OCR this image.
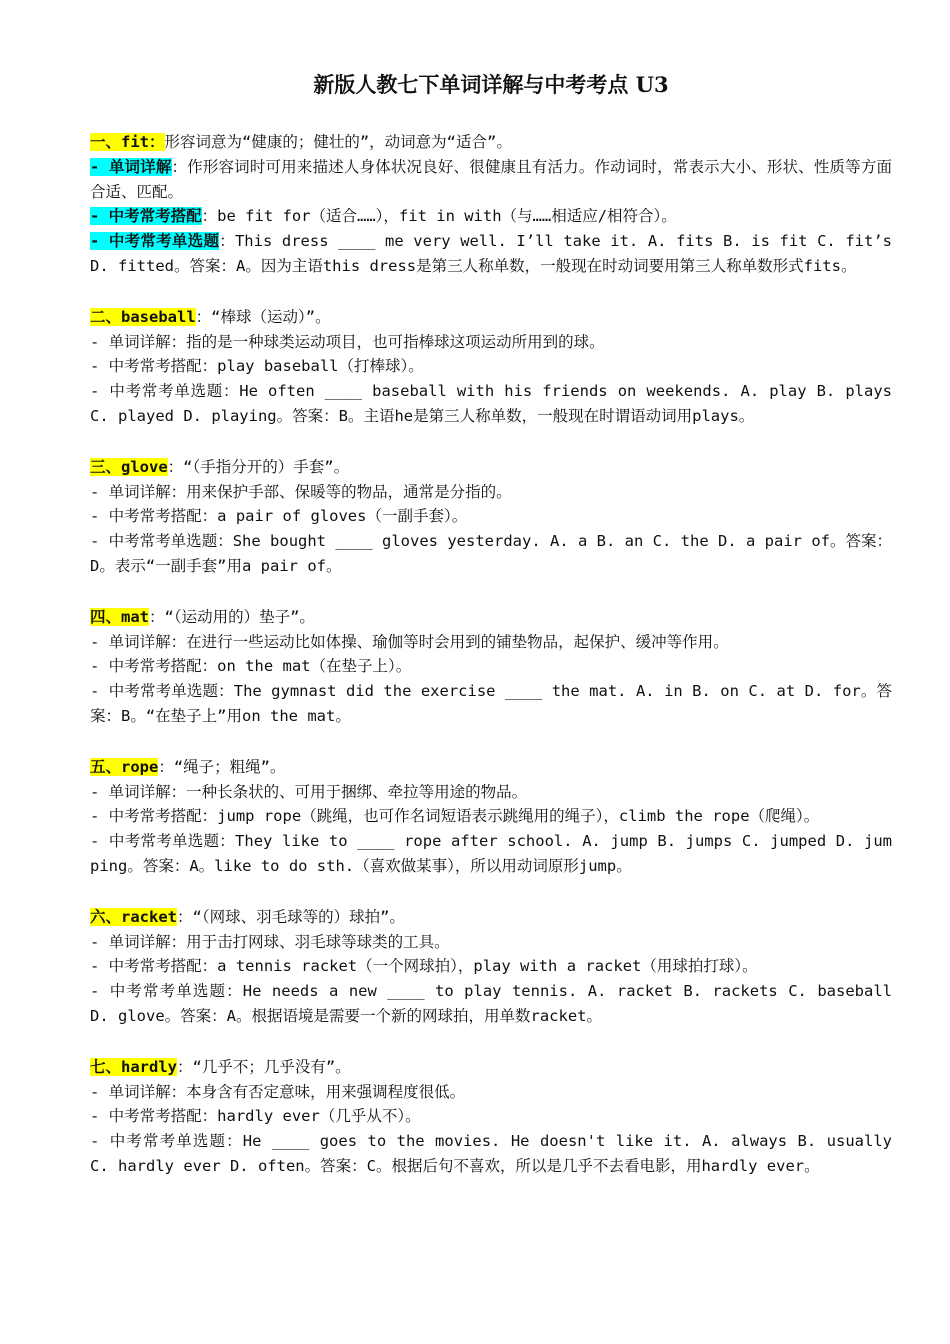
新版人教七下单词详解与中考考点 U3

一、fit：形容词意为“健康的；健壮的”，动词意为“适合”。

- 单词详解：作形容词时可用来描述人身体状况良好、很健康且有活力。作动词时，常表示大小、形状、性质等方面合适、匹配。

- 中考常考搭配：be fit for（适合……），fit in with（与……相适应/相符合）。

- 中考常考单选题：This dress ____ me very well. I’ll take it. A. fits B. is fit C. fit’s D. fitted。答案：A。因为主语this dress是第三人称单数，一般现在时动词要用第三人称单数形式fits。

二、baseball：“棒球（运动）”。

- 单词详解：指的是一种球类运动项目，也可指棒球这项运动所用到的球。

- 中考常考搭配：play baseball（打棒球）。

- 中考常考单选题：He often ____ baseball with his friends on weekends. A. play B. plays C. played D. playing。答案：B。主语he是第三人称单数，一般现在时谓语动词用plays。

三、glove：“（手指分开的）手套”。

- 单词详解：用来保护手部、保暖等的物品，通常是分指的。

- 中考常考搭配：a pair of gloves（一副手套）。

- 中考常考单选题：She bought ____ gloves yesterday. A. a B. an C. the D. a pair of。答案：D。表示“一副手套”用a pair of。

四、mat：“（运动用的）垫子”。

- 单词详解：在进行一些运动比如体操、瑜伽等时会用到的铺垫物品，起保护、缓冲等作用。

- 中考常考搭配：on the mat（在垫子上）。

- 中考常考单选题：The gymnast did the exercise ____ the mat. A. in B. on C. at D. for。答案：B。“在垫子上”用on the mat。

五、rope：“绳子；粗绳”。

- 单词详解：一种长条状的、可用于捆绑、牵拉等用途的物品。

- 中考常考搭配：jump rope（跳绳，也可作名词短语表示跳绳用的绳子），climb the rope（爬绳）。

- 中考常考单选题：They like to ____ rope after school. A. jump B. jumps C. jumped D. jumping。答案：A。like to do sth.（喜欢做某事），所以用动词原形jump。

六、racket：“（网球、羽毛球等的）球拍”。

- 单词详解：用于击打网球、羽毛球等球类的工具。

- 中考常考搭配：a tennis racket（一个网球拍），play with a racket（用球拍打球）。

- 中考常考单选题：He needs a new ____ to play tennis. A. racket B. rackets C. baseball D. glove。答案：A。根据语境是需要一个新的网球拍，用单数racket。

七、hardly：“几乎不；几乎没有”。

- 单词详解：本身含有否定意味，用来强调程度很低。

- 中考常考搭配：hardly ever（几乎从不）。

- 中考常考单选题：He ____ goes to the movies. He doesn't like it. A. always B. usually C. hardly ever D. often。答案：C。根据后句不喜欢，所以是几乎不去看电影，用hardly ever。
